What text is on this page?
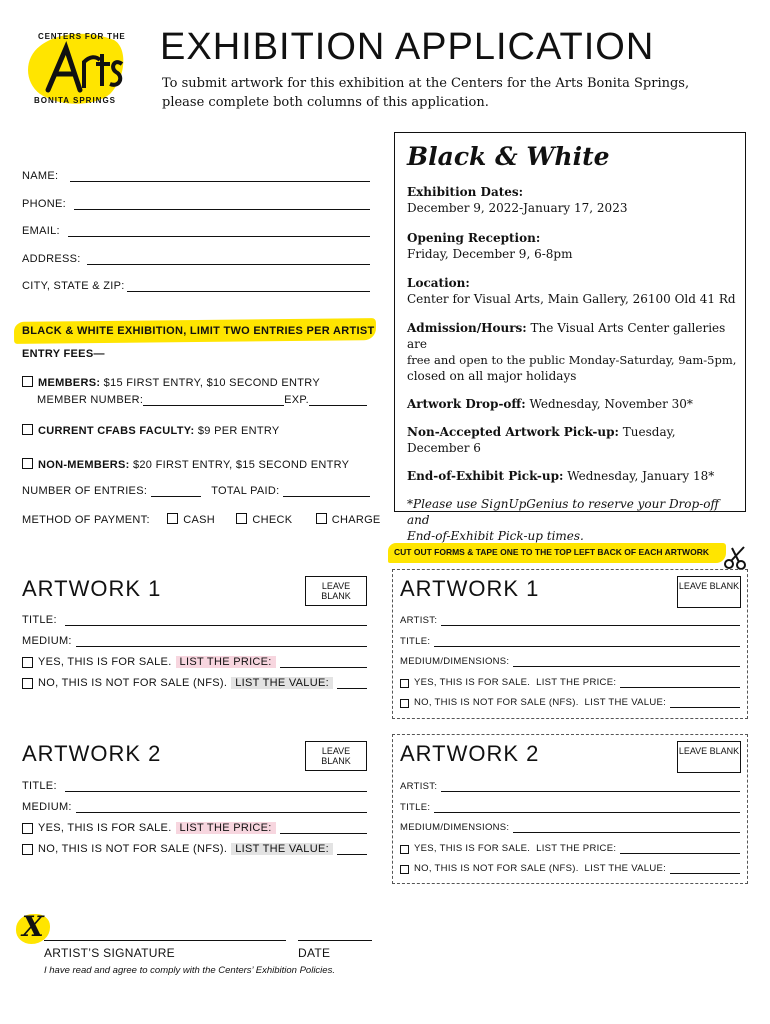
CENTERS FOR THE
BONITA SPRINGS
EXHIBITION APPLICATION
To submit artwork for this exhibition at the Centers for the Arts Bonita Springs,
please complete both columns of this application.
NAME:
PHONE:
EMAIL:
ADDRESS:
CITY, STATE & ZIP:
BLACK & WHITE EXHIBITION, LIMIT TWO ENTRIES PER ARTIST
ENTRY FEES—
MEMBERS: $15 FIRST ENTRY, $10 SECOND ENTRY
MEMBER NUMBER:	EXP.
CURRENT CFABS FACULTY: $9 PER ENTRY
NON-MEMBERS: $20 FIRST ENTRY, $15 SECOND ENTRY
NUMBER OF ENTRIES:	TOTAL PAID:
METHOD OF PAYMENT:	CASH	CHECK	CHARGE
Black & White
Exhibition Dates:
December 9, 2022-January 17, 2023
Opening Reception:
Friday, December 9, 6-8pm
Location:
Center for Visual Arts, Main Gallery, 26100 Old 41 Rd
Admission/Hours: The Visual Arts Center galleries are
free and open to the public Monday-Saturday, 9am-5pm,
closed on all major holidays
Artwork Drop-off: Wednesday, November 30*
Non-Accepted Artwork Pick-up: Tuesday, December 6
End-of-Exhibit Pick-up: Wednesday, January 18*
*Please use SignUpGenius to reserve your Drop-off and
End-of-Exhibit Pick-up times.
CUT OUT FORMS & TAPE ONE TO THE TOP LEFT BACK OF EACH ARTWORK
ARTWORK 1	LEAVE BLANK
TITLE:
MEDIUM:
YES, THIS IS FOR SALE. LIST THE PRICE:
NO, THIS IS NOT FOR SALE (NFS). LIST THE VALUE:
ARTWORK 2	LEAVE BLANK
TITLE:
MEDIUM:
YES, THIS IS FOR SALE. LIST THE PRICE:
NO, THIS IS NOT FOR SALE (NFS). LIST THE VALUE:
ARTWORK 1	LEAVE BLANK
ARTIST:
TITLE:
MEDIUM/DIMENSIONS:
YES, THIS IS FOR SALE.  LIST THE PRICE:
NO, THIS IS NOT FOR SALE (NFS).  LIST THE VALUE:
ARTWORK 2	LEAVE BLANK
ARTIST:
TITLE:
MEDIUM/DIMENSIONS:
YES, THIS IS FOR SALE.  LIST THE PRICE:
NO, THIS IS NOT FOR SALE (NFS).  LIST THE VALUE:
X
ARTIST’S SIGNATURE	DATE
I have read and agree to comply with the Centers’ Exhibition Policies.
